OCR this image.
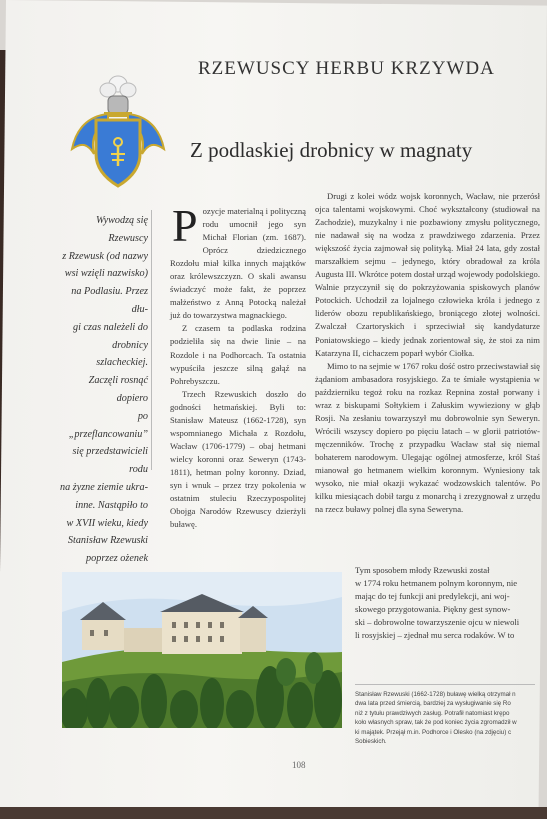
RZEWUSCY HERBU KRZYWDA
Z podlaskiej drobnicy w magnaty
Wywodzą się Rzewuscy
z Rzewusk (od nazwy
wsi wzięli nazwisko)
na Podlasiu. Przez dłu-
gi czas należeli do
drobnicy szlacheckiej.
Zaczęli rosnąć dopiero
po „przeflancowaniu”
się przedstawicieli rodu
na żyzne ziemie ukra-
inne. Nastąpiło to
w XVII wieku, kiedy
Stanisław Rzewuski
poprzez ożenek
P ozycje materialną i polityczną rodu umocnił jego syn Michał Florian (zm. 1687). Oprócz dziedzicznego Rozdołu miał kilka innych majątków oraz królewszczyzn. O skali awansu świadczyć może fakt, że poprzez małżeństwo z Anną Potocką należał już do towarzystwa magnackiego.

Z czasem ta podlaska rodzina podzieliła się na dwie linie – na Rozdole i na Podhorcach. Ta ostatnia wypuściła jeszcze silną gałąź na Pohrebyszczu.

Trzech Rzewuskich doszło do godności hetmańskiej. Byli to: Stanisław Mateusz (1662-1728), syn wspomnianego Michała z Rozdołu, Wacław (1706-1779) – obaj hetmani wielcy koronni oraz Seweryn (1743-1811), hetman polny koronny. Dziad, syn i wnuk – przez trzy pokolenia w ostatnim stuleciu Rzeczypospolitej Obojga Narodów Rzewuscy dzierżyli buławę.

Drugi z kolei wódz wojsk koronnych, Wacław, nie przerósł ojca talentami wojskowymi. Choć wykształcony (studiował na Zachodzie), muzykalny i nie pozbawiony zmysłu politycznego, nie nadawał się na wodza z prawdziwego zdarzenia. Przez większość życia zajmował się polityką. Miał 24 lata, gdy został marszałkiem sejmu – jedynego, który obradował za króla Augusta III. Wkrótce potem dostał urząd wojewody podolskiego. Walnie przyczynił się do pokrzyżowania spiskowych planów Potockich. Uchodził za lojalnego człowieka króla i jednego z liderów obozu republikańskiego, broniącego złotej wolności. Zwalczał Czartoryskich i sprzeciwiał się kandydaturze Poniatowskiego – kiedy jednak zorientował się, że stoi za nim Katarzyna II, cichaczem poparł wybór Ciołka.

Mimo to na sejmie w 1767 roku dość ostro przeciwstawiał się żądaniom ambasadora rosyjskiego. Za te śmiałe wystąpienia w październiku tegoż roku na rozkaz Repnina został porwany i wraz z biskupami Sołtykiem i Załuskim wywieziony w głąb Rosji. Na zesłaniu towarzyszył mu dobrowolnie syn Seweryn. Wrócili wszyscy dopiero po pięciu latach – w glorii patriotów-męczenników. Trochę z przypadku Wacław stał się niemal bohaterem narodowym. Ulegając ogólnej atmosferze, król Staś mianował go hetmanem wielkim koronnym. Wyniesiony tak wysoko, nie miał okazji wykazać wodzowskich talentów. Po kilku miesiącach dobił targu z monarchą i zrezygnował z urzędu na rzecz buławy polnej dla syna Seweryna.

Tym sposobem młody Rzewuski został
w 1774 roku hetmanem polnym koronnym, nie
mając do tej funkcji ani predylekcji, ani woj-
skowego przygotowania. Piękny gest synow-
ski – dobrowolne towarzyszenie ojcu w niewoli
li rosyjskiej – zjednał mu serca rodaków. W to
Stanisław Rzewuski (1662-1728) buławę wielką otrzymał n
dwa lata przed śmiercią, bardziej za wysługiwanie się Ro
niż z tytułu prawdziwych zasług. Potrafił natomiast krępo
koło własnych spraw, tak że pod koniec życia zgromadził w
ki majątek. Przejął m.in. Podhorce i Olesko (na zdjęciu) c
Sobieskich.
108
